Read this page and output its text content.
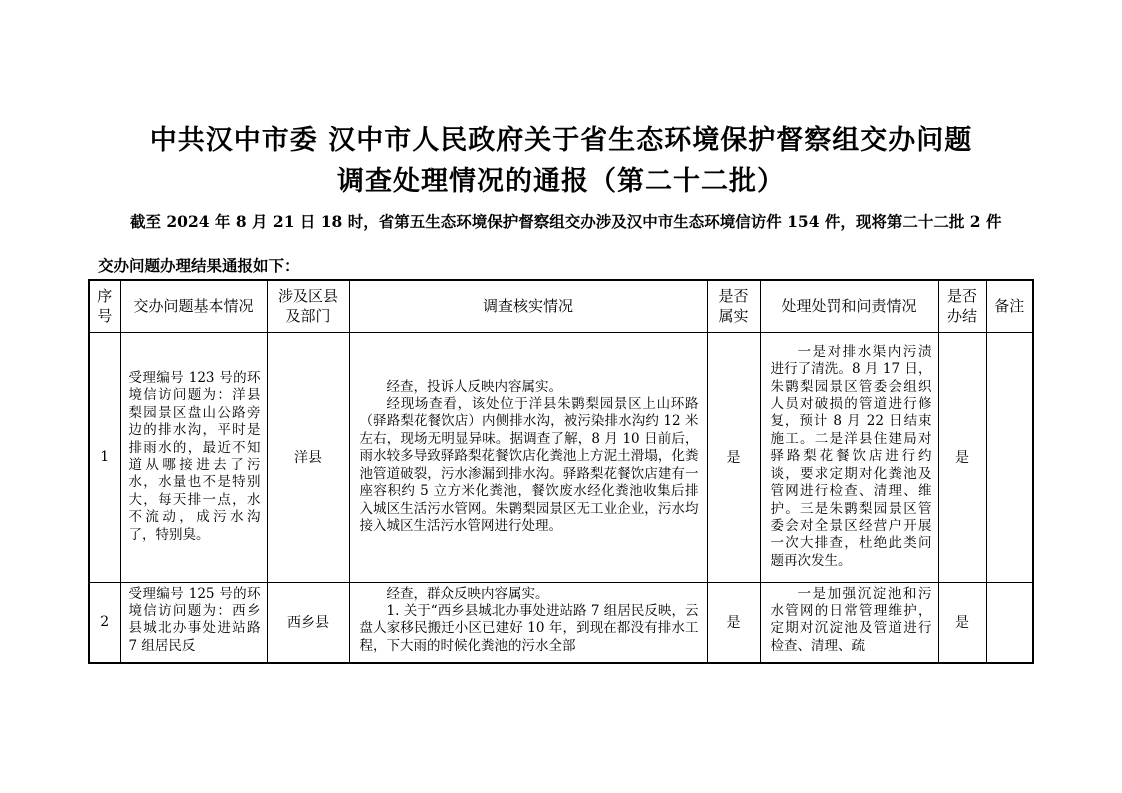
中共汉中市委 汉中市人民政府关于省生态环境保护督察组交办问题
调查处理情况的通报（第二十二批）
截至 2024 年 8 月 21 日 18 时，省第五生态环境保护督察组交办涉及汉中市生态环境信访件 154 件，现将第二十二批 2 件
交办问题办理结果通报如下：
序号	交办问题基本情况	涉及区县及部门	调查核实情况	是否属实	处理处罚和问责情况	是否办结	备注
1	受理编号 123 号的环境信访问题为：洋县梨园景区盘山公路旁边的排水沟，平时是排雨水的，最近不知道从哪接进去了污水，水量也不是特别大，每天排一点，水不流动，成污水沟了，特别臭。	洋县	经查，投诉人反映内容属实。
经现场查看，该处位于洋县朱鹮梨园景区上山环路（驿路梨花餐饮店）内侧排水沟，被污染排水沟约 12 米左右，现场无明显异味。据调查了解，8 月 10 日前后，雨水较多导致驿路梨花餐饮店化粪池上方泥土滑塌，化粪池管道破裂，污水渗漏到排水沟。驿路梨花餐饮店建有一座容积约 5 立方米化粪池，餐饮废水经化粪池收集后排入城区生活污水管网。朱鹮梨园景区无工业企业，污水均接入城区生活污水管网进行处理。	是	一是对排水渠内污渍进行了清洗。8 月 17 日，朱鹮梨园景区管委会组织人员对破损的管道进行修复，预计 8 月 22 日结束施工。二是洋县住建局对驿路梨花餐饮店进行约谈，要求定期对化粪池及管网进行检查、清理、维护。三是朱鹮梨园景区管委会对全景区经营户开展一次大排查，杜绝此类问题再次发生。	是	
2	受理编号 125 号的环境信访问题为：西乡县城北办事处进站路 7 组居民反	西乡县	经查，群众反映内容属实。
1. 关于“西乡县城北办事处进站路 7 组居民反映，云盘人家移民搬迁小区已建好 10 年，到现在都没有排水工程，下大雨的时候化粪池的污水全部	是	一是加强沉淀池和污水管网的日常管理维护，定期对沉淀池及管道进行检查、清理、疏	是	
